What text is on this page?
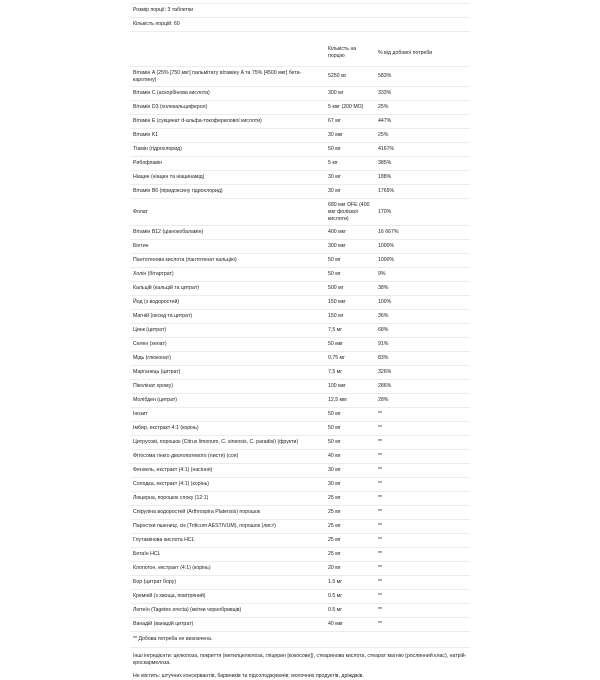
Розмір порції: 3 таблетки
Кількість порцій: 60
	Кількість на порцію	% від добової потреби
Вітамін A (25% [750 мкг] пальмітату вітаміну A та 75% [4500 мкг] бета-каротину)	5250 мг	583%
Вітамін C (аскорбінова кислота)	300 мг	333%
Вітамін D3 (холекальциферол)	5 мкг (200 МО)	25%
Вітамін E (сукцинат d-альфа-токоферилової кислоти)	67 мг	447%
Вітамін K1	30 мкг	25%
Тіамін (гідрохлорид)	50 мг	4167%
Рибофлавін	5 мг	385%
Ніацин (ніацин та ніацинамід)	30 мг	188%
Вітамін B6 (піридоксину гідрохлорид)	30 мг	1765%
Фолат	680 мкг DFE (400 мкг фолієвої кислоти)	170%
Вітамін B12 (ціанокобаламін)	400 мкг	16 667%
Біотин	300 мкг	1000%
Пантотенова кислота (пантотенат кальцію)	50 мг	1000%
Холін (бітартрат)	50 мг	9%
Кальцій (кальцій та цитрат)	500 мг	38%
Йод (з водоростей)	150 мкг	100%
Магній (оксид та цитрат)	150 мг	36%
Цинк (цитрат)	7,5 мг	68%
Селен (хелат)	50 мкг	91%
Мідь (глюконат)	0,75 мг	83%
Марганець (цитрат)	7,5 мг	326%
Піколінат хрому)	100 мкг	286%
Молібден (цитрат)	12,5 мкг	28%
Інозит	50 мг	**
Імбир, екстракт 4:1 (корінь)	50 мг	**
Цитрусові, порошок (Citrus limonum, C. sinensis, C. paradisi) (фрукти)	50 мг	**
Фітосома гінкго дволопатевого (листя) (соя)	40 мг	**
Фенхель, екстракт (4:1) (насіння)	30 мг	**
Солодка, екстракт (4:1) (корінь)	30 мг	**
Люцерна, порошок слоку (12:1)	25 мг	**
Спіруліна водоростей (Arthrospira Platensis) порошок	25 мг	**
Паростки пшениці, сік (Triticum AESTIVUM), порошок (лист)	25 мг	**
Глутамінова кислота HCL	25 мг	**
Бетаїн HCL	25 мг	**
Клопогон, екстракт (4:1) (корінь)	20 мг	**
Бор (цитрат бору)	1.5 мг	**
Кремній (з хвоща, повітряний)	0.5 мг	**
Лютеїн (Tagetes erecta) (квітки чорнобривців)	0.5 мг	**
Ванадій (ванадій цитрат)	40 мкг	**
** Добова потреба не визначена.
Інші інгредієнти: целюлоза, покриття (метилцелюлоза, гліцерин [кокосове]), стеаринова кислота, стеарат магнію (рослинний клас), натрій-кроскармелоза.
Не містить: штучних консервантів, барвників та підсолоджувачів; молочних продуктів, дріжджів.
